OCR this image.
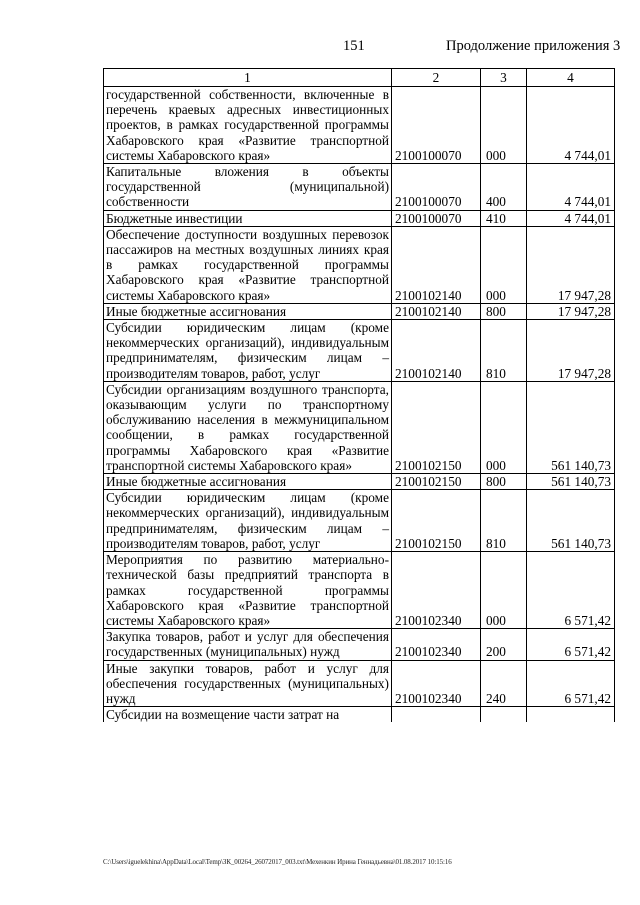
151	Продолжение приложения 3
1	2	3	4
государственной собственности, включенные в перечень краевых адресных инвестиционных проектов, в рамках государственной программы Хабаровского края «Развитие транспортной системы Хабаровского края»	2100100070	000	4 744,01
Капитальные вложения в объекты государственной (муниципальной) собственности	2100100070	400	4 744,01
Бюджетные инвестиции	2100100070	410	4 744,01
Обеспечение доступности воздушных перевозок пассажиров на местных воздушных линиях края в рамках государственной программы Хабаровского края «Развитие транспортной системы Хабаровского края»	2100102140	000	17 947,28
Иные бюджетные ассигнования	2100102140	800	17 947,28
Субсидии юридическим лицам (кроме некоммерческих организаций), индивидуальным предпринимателям, физическим лицам – производителям товаров, работ, услуг	2100102140	810	17 947,28
Субсидии организациям воздушного транспорта, оказывающим услуги по транспортному обслуживанию населения в межмуниципальном сообщении, в рамках государственной программы Хабаровского края «Развитие транспортной системы Хабаровского края»	2100102150	000	561 140,73
Иные бюджетные ассигнования	2100102150	800	561 140,73
Субсидии юридическим лицам (кроме некоммерческих организаций), индивидуальным предпринимателям, физическим лицам – производителям товаров, работ, услуг	2100102150	810	561 140,73
Мероприятия по развитию материально-технической базы предприятий транспорта в рамках государственной программы Хабаровского края «Развитие транспортной системы Хабаровского края»	2100102340	000	6 571,42
Закупка товаров, работ и услуг для обеспечения государственных (муниципальных) нужд	2100102340	200	6 571,42
Иные закупки товаров, работ и услуг для обеспечения государственных (муниципальных) нужд	2100102340	240	6 571,42
Субсидии на возмещение части затрат на			
C:\Users\iguelekhina\AppData\Local\Temp\ЗК_00264_26072017_003.txt\Мехенкин Ирина Геннадьевна\01.08.2017 10:15:16
